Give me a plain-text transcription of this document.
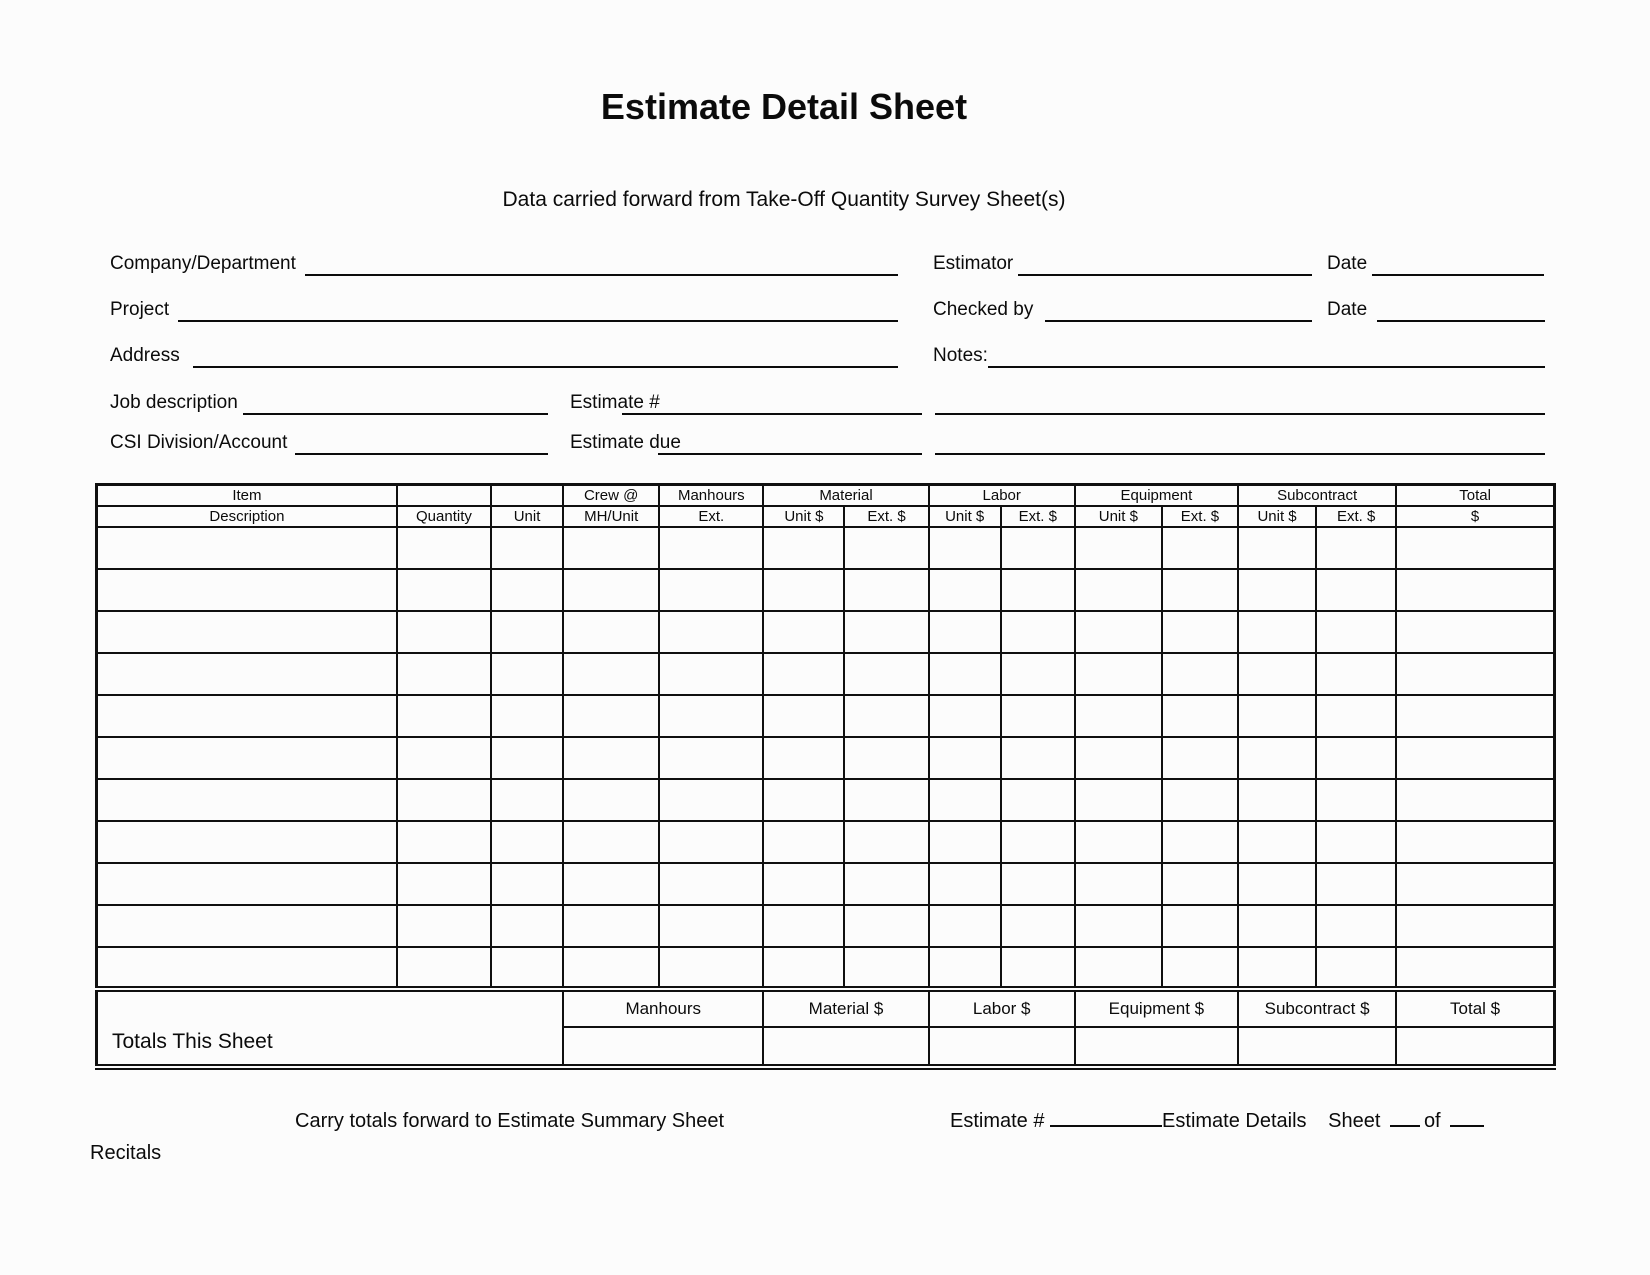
Estimate Detail Sheet
Data carried forward from Take-Off Quantity Survey Sheet(s)
Company/Department	Estimator	Date
Project	Checked by	Date
Address	Notes:
Job description	Estimate #
CSI Division/Account	Estimate due
Item			Crew @	Manhours	Material		Labor		Equipment		Subcontract		Total
Description	Quantity	Unit	MH/Unit	Ext.	Unit $	Ext. $	Unit $	Ext. $	Unit $	Ext. $	Unit $	Ext. $	$

Totals This Sheet			Manhours		Material $		Labor $		Equipment $		Subcontract $		Total $

Carry totals forward to Estimate Summary Sheet	Estimate #	Estimate Details Sheet of
Recitals
